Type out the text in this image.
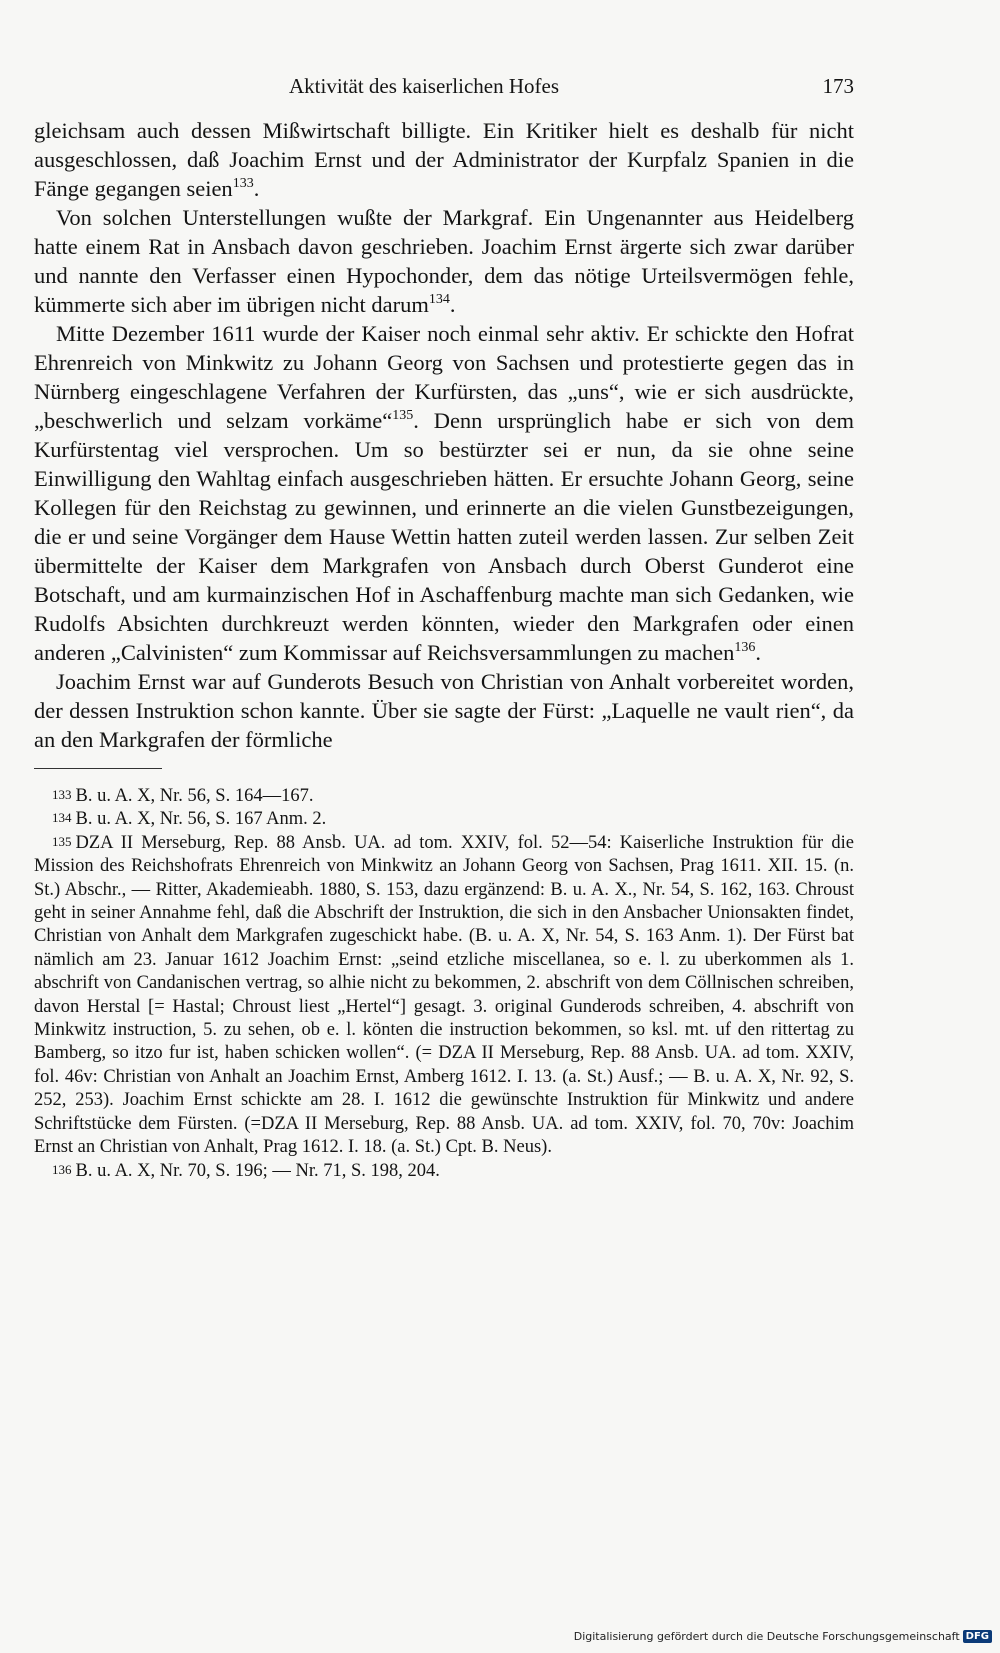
Aktivität des kaiserlichen Hofes	173

gleichsam auch dessen Mißwirtschaft billigte. Ein Kritiker hielt es deshalb für nicht ausgeschlossen, daß Joachim Ernst und der Administrator der Kurpfalz Spanien in die Fänge gegangen seien$^{133}$.

Von solchen Unterstellungen wußte der Markgraf. Ein Ungenannter aus Heidelberg hatte einem Rat in Ansbach davon geschrieben. Joachim Ernst ärgerte sich zwar darüber und nannte den Verfasser einen Hypochonder, dem das nötige Urteilsvermögen fehle, kümmerte sich aber im übrigen nicht darum$^{134}$.

Mitte Dezember 1611 wurde der Kaiser noch einmal sehr aktiv. Er schickte den Hofrat Ehrenreich von Minkwitz zu Johann Georg von Sachsen und protestierte gegen das in Nürnberg eingeschlagene Verfahren der Kurfürsten, das „uns“, wie er sich ausdrückte, „beschwerlich und selzam vorkäme“$^{135}$. Denn ursprünglich habe er sich von dem Kurfürstentag viel versprochen. Um so bestürzter sei er nun, da sie ohne seine Einwilligung den Wahltag einfach ausgeschrieben hätten. Er ersuchte Johann Georg, seine Kollegen für den Reichstag zu gewinnen, und erinnerte an die vielen Gunstbezeigungen, die er und seine Vorgänger dem Hause Wettin hatten zuteil werden lassen. Zur selben Zeit übermittelte der Kaiser dem Markgrafen von Ansbach durch Oberst Gunderot eine Botschaft, und am kurmainzischen Hof in Aschaffenburg machte man sich Gedanken, wie Rudolfs Absichten durchkreuzt werden könnten, wieder den Markgrafen oder einen anderen „Calvinisten“ zum Kommissar auf Reichsversammlungen zu machen$^{136}$.

Joachim Ernst war auf Gunderots Besuch von Christian von Anhalt vorbereitet worden, der dessen Instruktion schon kannte. Über sie sagte der Fürst: „Laquelle ne vault rien“, da an den Markgrafen der förmliche

$^{133}$ B. u. A. X, Nr. 56, S. 164—167.

$^{134}$ B. u. A. X, Nr. 56, S. 167 Anm. 2.

$^{135}$ DZA II Merseburg, Rep. 88 Ansb. UA. ad tom. XXIV, fol. 52—54: Kaiserliche Instruktion für die Mission des Reichshofrats Ehrenreich von Minkwitz an Johann Georg von Sachsen, Prag 1611. XII. 15. (n. St.) Abschr., — Ritter, Akademieabh. 1880, S. 153, dazu ergänzend: B. u. A. X., Nr. 54, S. 162, 163. Chroust geht in seiner Annahme fehl, daß die Abschrift der Instruktion, die sich in den Ansbacher Unionsakten findet, Christian von Anhalt dem Markgrafen zugeschickt habe. (B. u. A. X, Nr. 54, S. 163 Anm. 1). Der Fürst bat nämlich am 23. Januar 1612 Joachim Ernst: „seind etzliche miscellanea, so e. l. zu uberkommen als 1. abschrift von Candanischen vertrag, so alhie nicht zu bekommen, 2. abschrift von dem Cöllnischen schreiben, davon Herstal [= Hastal; Chroust liest „Hertel“] gesagt. 3. original Gunderods schreiben, 4. abschrift von Minkwitz instruction, 5. zu sehen, ob e. l. könten die instruction bekommen, so ksl. mt. uf den rittertag zu Bamberg, so itzo fur ist, haben schicken wollen“. (= DZA II Merseburg, Rep. 88 Ansb. UA. ad tom. XXIV, fol. 46v: Christian von Anhalt an Joachim Ernst, Amberg 1612. I. 13. (a. St.) Ausf.; — B. u. A. X, Nr. 92, S. 252, 253). Joachim Ernst schickte am 28. I. 1612 die gewünschte Instruktion für Minkwitz und andere Schriftstücke dem Fürsten. (=DZA II Merseburg, Rep. 88 Ansb. UA. ad tom. XXIV, fol. 70, 70v: Joachim Ernst an Christian von Anhalt, Prag 1612. I. 18. (a. St.) Cpt. B. Neus).

$^{136}$ B. u. A. X, Nr. 70, S. 196; — Nr. 71, S. 198, 204.

Digitalisierung gefördert durch die Deutsche Forschungsgemeinschaft DFG
